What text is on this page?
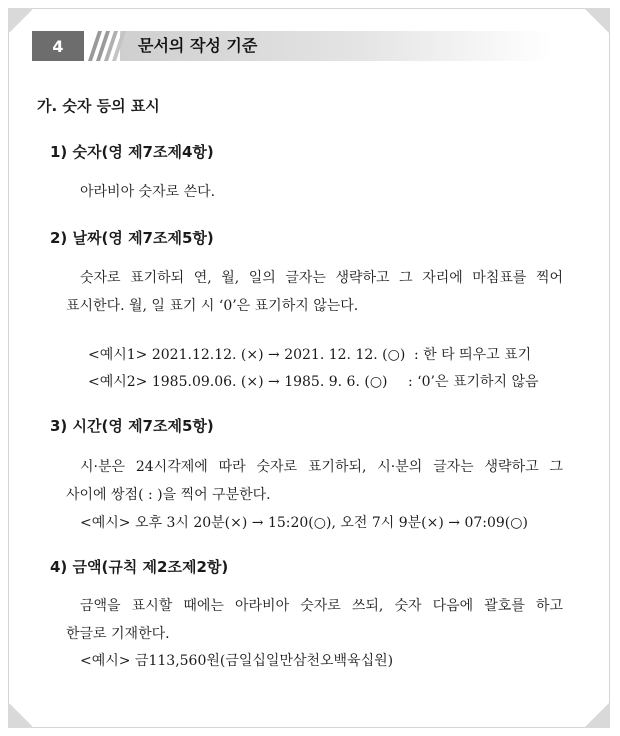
4	문서의 작성 기준
가. 숫자 등의 표시
1) 숫자(영 제7조제4항)
아라비아 숫자로 쓴다.
2) 날짜(영 제7조제5항)
숫자로 표기하되 연, 월, 일의 글자는 생략하고 그 자리에 마침표를 찍어
표시한다. 월, 일 표기 시 ‘0’은 표기하지 않는다.
<예시1> 2021.12.12. (×) → 2021. 12. 12. (○) : 한 타 띄우고 표기
<예시2> 1985.09.06. (×) → 1985. 9. 6. (○) : ‘0’은 표기하지 않음
3) 시간(영 제7조제5항)
시·분은 24시각제에 따라 숫자로 표기하되, 시·분의 글자는 생략하고 그
사이에 쌍점( : )을 찍어 구분한다.
<예시> 오후 3시 20분(×) → 15:20(○), 오전 7시 9분(×) → 07:09(○)
4) 금액(규칙 제2조제2항)
금액을 표시할 때에는 아라비아 숫자로 쓰되, 숫자 다음에 괄호를 하고
한글로 기재한다.
<예시> 금113,560원(금일십일만삼천오백육십원)
